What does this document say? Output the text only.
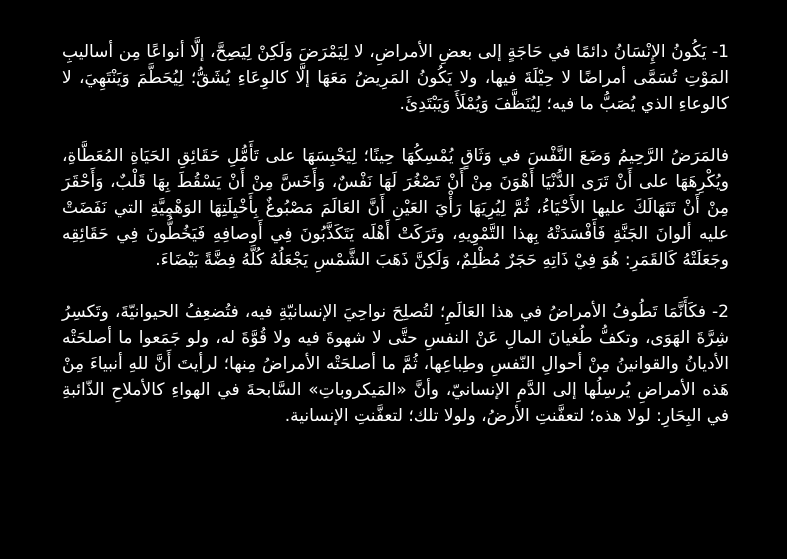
1- يَكُونُ الإِنْسَانُ دائمًا في حَاجَةٍ إلى بعضِ الأمراضِ، لا لِيَمْرَضَ وَلَكِنْ لِيَصِحَّ، إلَّا أنواعًا مِن أساليبِ المَوْتِ تُسَمَّى أمراضًا لا حِيْلَةَ فيها، ولا يَكُونُ المَرِيضُ مَعَهَا إلَّا كالوِعَاءِ يُشَقُّ؛ لِيُحَطَّمَ وَيَنْتَهِيَ، لا كالوعاءِ الذي يُصَبُّ ما فيه؛ لِيُنَظَّفَ وَيُمْلَأَ وَيَبْتَدِئَ.

فالمَرَضُ الرَّحِيمُ وَضَعَ النَّفْسَ في وَثَاقٍ يُمْسِكُهَا حِينًا؛ لِيَحْبِسَهَا على تَأَمُّلِ حَقَائِقِ الحَيَاةِ المُعَطَّاةِ، ويُكْرِهَهَا على أَنْ تَرَى الدُّنْيَا أَهْوَنَ مِنْ أَنْ تَصْغُرَ لَهَا نَفْسٌ، وَأَخَسَّ مِنْ أَنْ يَسْقُطَ بِهَا قَلْبٌ، وَأَحْقَرَ مِنْ أَنْ تَتَهَالَكَ عليها الأَحْيَاءُ، ثُمَّ لِيُرِيَهَا رَأْيَ العَيْنِ أَنَّ العَالَمَ مَصْبُوغٌ بِأَخْيِلَتِهَا الوَهْمِيَّةِ التي نَفَضَتْ عليه ألوانَ الجَنَّةِ فَأَفْسَدَتْهُ بِهذا التَّمْوِيهِ، وتَرَكَتْ أَهْلَه يَتَكَذَّبُونَ فِي أَوصافِهِ فَيَخُطُّونَ فِي حَقَائِقِه وجَعَلَتْهُ كَالقَمَرِ: هُوَ فِيْ ذَاتِهِ حَجَرٌ مُظْلِمٌ، وَلَكِنَّ ذَهَبَ الشَّمْسِ يَجْعَلُهُ كُلَّهُ فِضَّةً بَيْضَاءَ.

2- فكَأَنَّمَا تَطُوفُ الأمراضُ في هذا العَالَمِ؛ لتُصلِحَ نواحِيَ الإنسانيّةِ فيه، فتُضعِفُ الحيوانيّةَ، وتَكسِرُ شِرَّةَ الهَوَى، وتكفُّ طُغيانَ المالِ عَنْ النفسِ حتَّى لا شهوةَ فيه ولا قُوَّةَ له، ولو جَمَعوا ما أصلحَتْه الأديانُ والقوانينُ مِنْ أحوالِ النّفسِ وطِباعِها، ثُمَّ ما أصلحَتْه الأمراضُ مِنها؛ لرأيتَ أَنَّ للهِ أنبياءَ مِنْ هَذه الأمراضِ يُرسِلُها إلى الدَّمِ الإنسانيّ، وأنَّ «المَيكروباتِ» السَّابحةَ في الهواءِ كالأملاحِ الذّائبةِ في البِحَارِ: لولا هذه؛ لتعفَّنتِ الأرضُ، ولولا تلك؛ لتعفَّنتِ الإنسانية.
